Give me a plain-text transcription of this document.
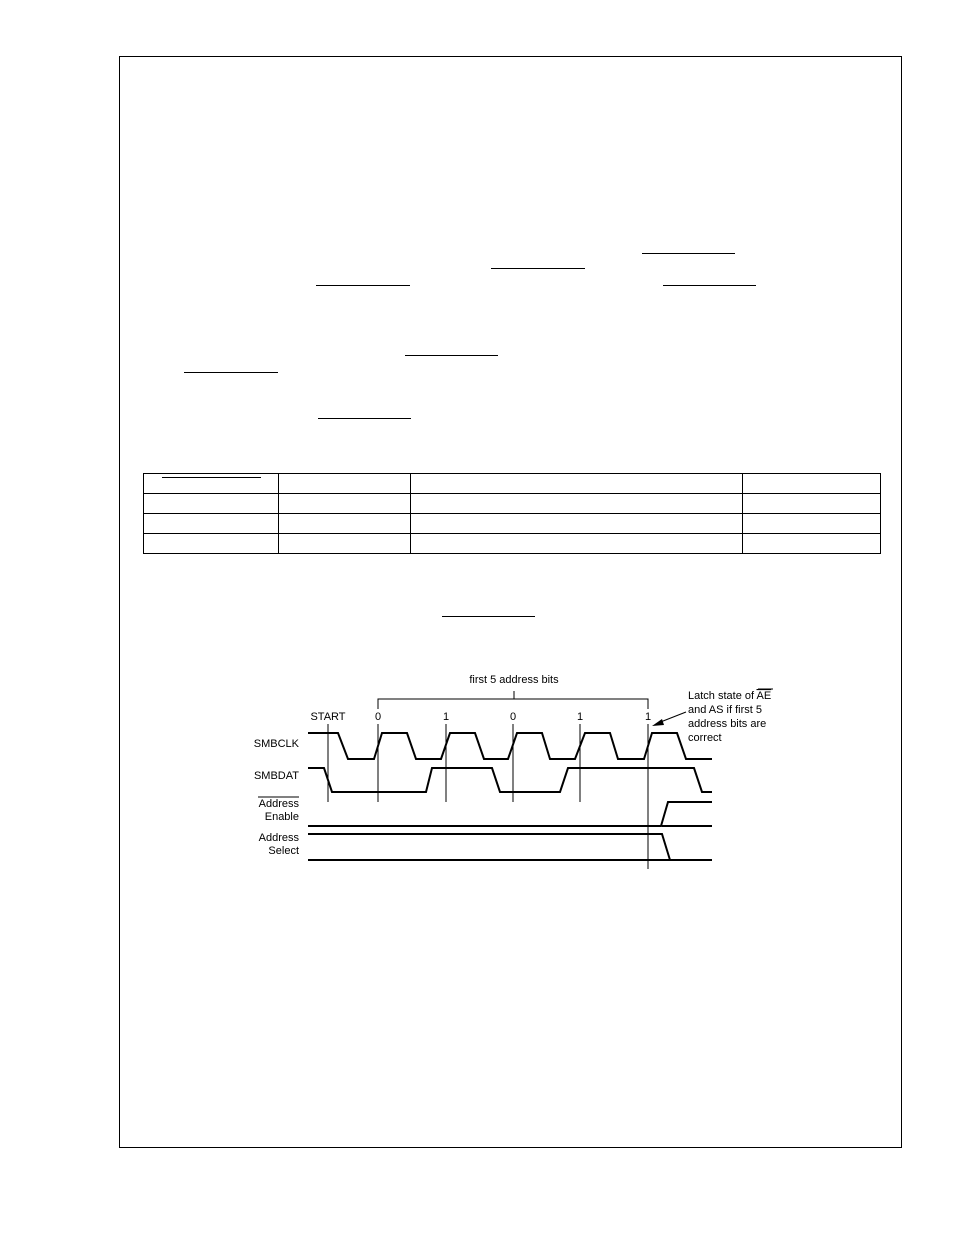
first 5 address bits
START	0	1	0	1	1
SMBCLK
SMBDAT
Address
Enable
Address
Select
Latch state of AE
and AS if first 5
address bits are
correct
